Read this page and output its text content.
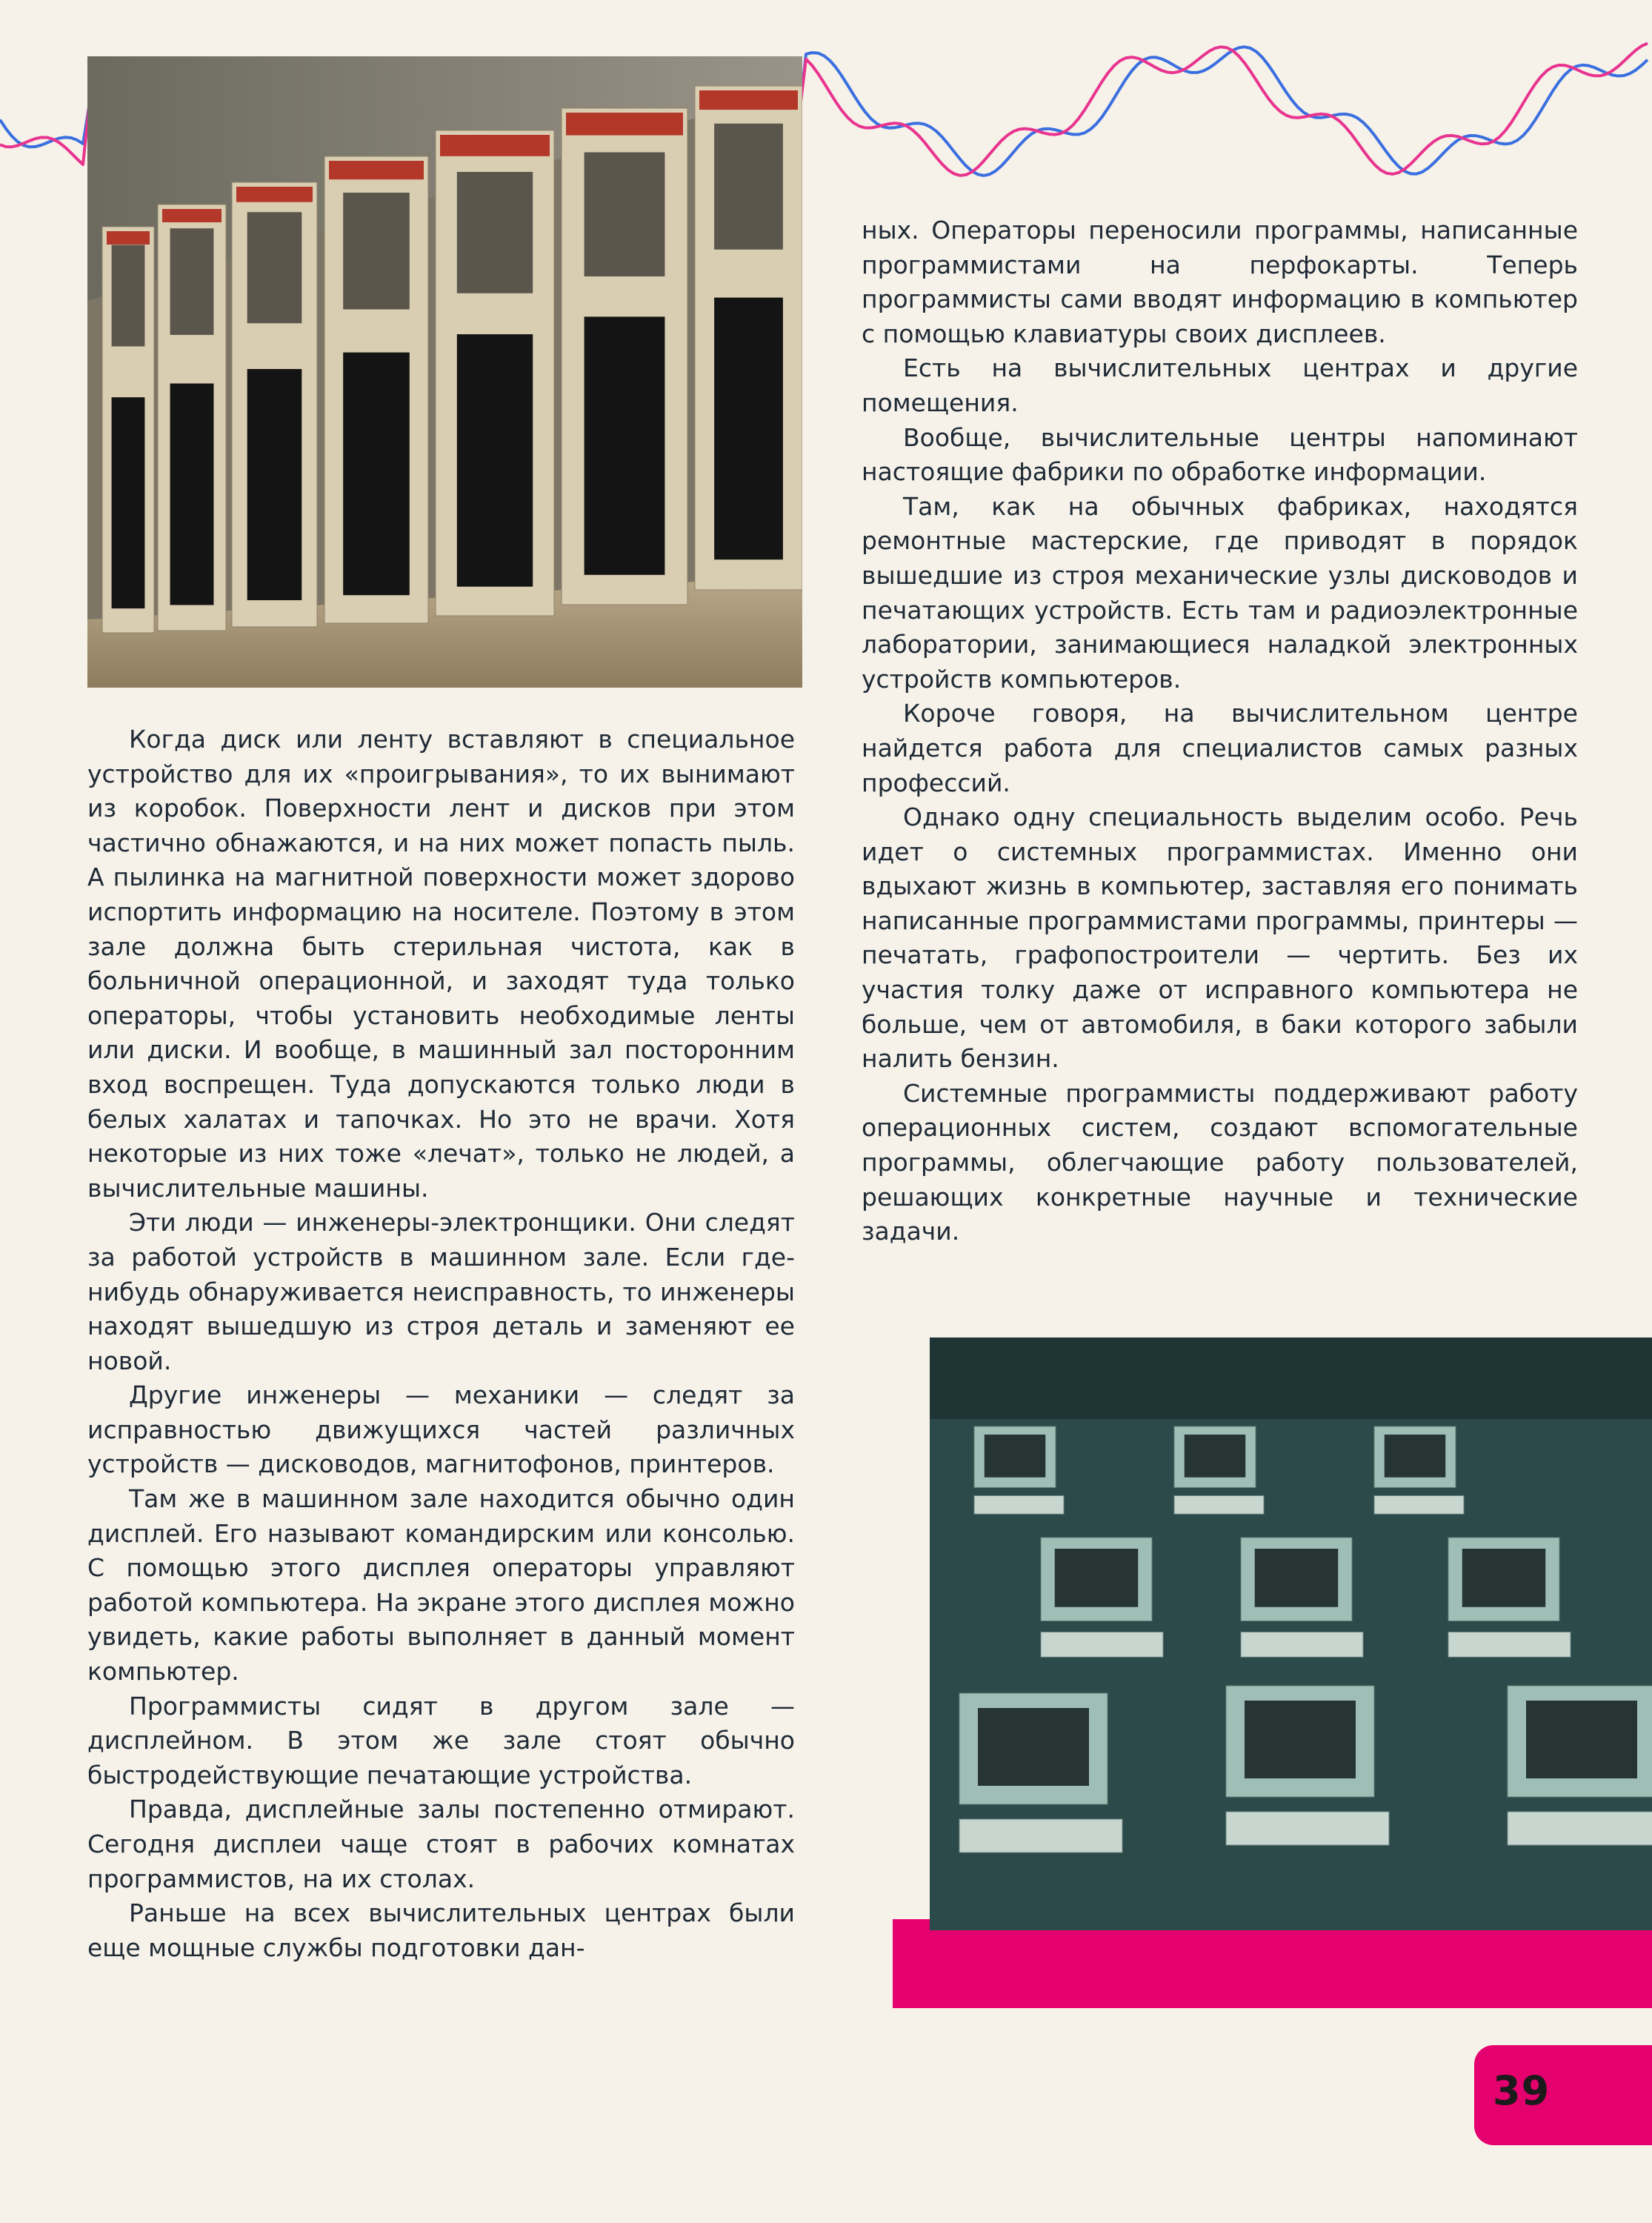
Когда диск или ленту вставляют в специальное устройство для их «проигрывания», то их вынимают из коробок. Поверхности лент и дисков при этом частично обнажаются, и на них может попасть пыль. А пылинка на магнитной поверхности может здорово испортить информацию на носителе. Поэтому в этом зале должна быть стерильная чистота, как в больничной операционной, и заходят туда только операторы, чтобы установить необходимые ленты или диски. И вообще, в машинный зал посторонним вход воспрещен. Туда допускаются только люди в белых халатах и тапочках. Но это не врачи. Хотя некоторые из них тоже «лечат», только не людей, а вычислительные машины.

Эти люди — инженеры-электронщики. Они следят за работой устройств в машинном зале. Если где-нибудь обнаруживается неисправность, то инженеры находят вышедшую из строя деталь и заменяют ее новой.

Другие инженеры — механики — следят за исправностью движущихся частей различных устройств — дисководов, магнитофонов, принтеров.

Там же в машинном зале находится обычно один дисплей. Его называют командирским или консолью. С помощью этого дисплея операторы управляют работой компьютера. На экране этого дисплея можно увидеть, какие работы выполняет в данный момент компьютер.

Программисты сидят в другом зале — дисплейном. В этом же зале стоят обычно быстродействующие печатающие устройства.

Правда, дисплейные залы постепенно отмирают. Сегодня дисплеи чаще стоят в рабочих комнатах программистов, на их столах.

Раньше на всех вычислительных центрах были еще мощные службы подготовки дан-

ных. Операторы переносили программы, написанные программистами на перфокарты. Теперь программисты сами вводят информацию в компьютер с помощью клавиатуры своих дисплеев.

Есть на вычислительных центрах и другие помещения.

Вообще, вычислительные центры напоминают настоящие фабрики по обработке информации.

Там, как на обычных фабриках, находятся ремонтные мастерские, где приводят в порядок вышедшие из строя механические узлы дисководов и печатающих устройств. Есть там и радиоэлектронные лаборатории, занимающиеся наладкой электронных устройств компьютеров.

Короче говоря, на вычислительном центре найдется работа для специалистов самых разных профессий.

Однако одну специальность выделим особо. Речь идет о системных программистах. Именно они вдыхают жизнь в компьютер, заставляя его понимать написанные программистами программы, принтеры — печатать, графопостроители — чертить. Без их участия толку даже от исправного компьютера не больше, чем от автомобиля, в баки которого забыли налить бензин.

Системные программисты поддерживают работу операционных систем, создают вспомогательные программы, облегчающие работу пользователей, решающих конкретные научные и технические задачи.

39
